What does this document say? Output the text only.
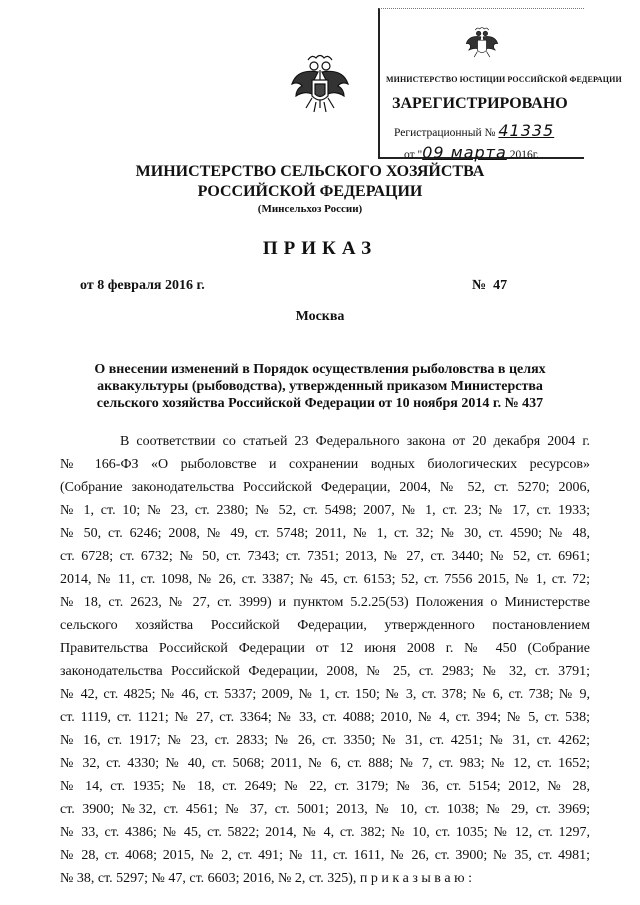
МИНИСТЕРСТВО ЮСТИЦИИ РОССИЙСКОЙ ФЕДЕРАЦИИ
ЗАРЕГИСТРИРОВАНО
Регистрационный № 41335
от "09 марта 2016г.
МИНИСТЕРСТВО СЕЛЬСКОГО ХОЗЯЙСТВА
РОССИЙСКОЙ ФЕДЕРАЦИИ
(Минсельхоз России)
ПРИКАЗ
от 8 февраля 2016 г.	№  47
Москва
О внесении изменений в Порядок осуществления рыболовства в целях
аквакультуры (рыбоводства), утвержденный приказом Министерства
сельского хозяйства Российской Федерации от 10 ноября 2014 г. № 437
В соответствии со статьей 23 Федерального закона от 20 декабря 2004 г.
№ 166-ФЗ «О рыболовстве и сохранении водных биологических ресурсов»
(Собрание законодательства Российской Федерации, 2004, № 52, ст. 5270; 2006,
№ 1, ст. 10; № 23, ст. 2380; № 52, ст. 5498; 2007, № 1, ст. 23; № 17, ст. 1933;
№ 50, ст. 6246; 2008, № 49, ст. 5748; 2011, № 1, ст. 32; № 30, ст. 4590; № 48,
ст. 6728; ст. 6732; № 50, ст. 7343; ст. 7351; 2013, № 27, ст. 3440; № 52, ст. 6961;
2014, № 11, ст. 1098, № 26, ст. 3387; № 45, ст. 6153; 52, ст. 7556 2015, № 1, ст. 72;
№ 18, ст. 2623, № 27, ст. 3999) и пунктом 5.2.25(53) Положения о Министерстве
сельского хозяйства Российской Федерации, утвержденного постановлением
Правительства Российской Федерации от 12 июня 2008 г. № 450 (Собрание
законодательства Российской Федерации, 2008, № 25, ст. 2983; № 32, ст. 3791;
№ 42, ст. 4825; № 46, ст. 5337; 2009, № 1, ст. 150; № 3, ст. 378; № 6, ст. 738; № 9,
ст. 1119, ст. 1121; № 27, ст. 3364; № 33, ст. 4088; 2010, № 4, ст. 394; № 5, ст. 538;
№ 16, ст. 1917; № 23, ст. 2833; № 26, ст. 3350; № 31, ст. 4251; № 31, ст. 4262;
№ 32, ст. 4330; № 40, ст. 5068; 2011, № 6, ст. 888; № 7, ст. 983; № 12, ст. 1652;
№ 14, ст. 1935; № 18, ст. 2649; № 22, ст. 3179; № 36, ст. 5154; 2012, № 28,
ст. 3900; №32, ст. 4561; № 37, ст. 5001; 2013, № 10, ст. 1038; № 29, ст. 3969;
№ 33, ст. 4386; № 45, ст. 5822; 2014, № 4, ст. 382; № 10, ст. 1035; № 12, ст. 1297,
№ 28, ст. 4068; 2015, № 2, ст. 491; № 11, ст. 1611, № 26, ст. 3900; № 35, ст. 4981;
№ 38, ст. 5297; № 47, ст. 6603; 2016, № 2, ст. 325), п р и к а з ы в а ю :
